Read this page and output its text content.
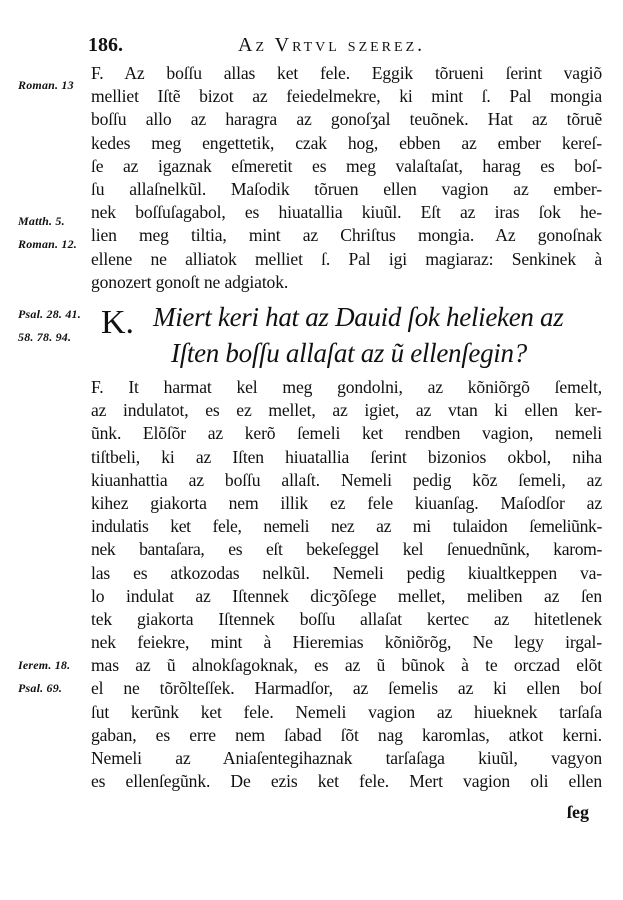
186.	Az Vrtvl szerez.
Roman. 13
Matth. 5.
Roman. 12.
Psal. 28. 41.
58. 78. 94.
Ierem. 18.
Psal. 69.
F. Az boſſu allas ket fele. Eggik tõrueni ſerint vagiõ
melliet Iſtẽ bizot az feiedelmekre, ki mint ſ. Pal mongia
boſſu allo az haragra az gonoſʒal teuõnek. Hat az tõruẽ
kedes meg engettetik, czak hog, ebben az ember kereſ-
ſe az igaznak eſmeretit es meg valaſtaſat, harag es boſ-
ſu allaſnelkũl. Maſodik tõruen ellen vagion az ember-
nek boſſuſagabol, es hiuatallia kiuũl. Eſt az iras ſok he-
lien meg tiltia, mint az Chriſtus mongia. Az gonoſnak
ellene ne alliatok melliet ſ. Pal igi magiaraz: Senkinek à
gonozert gonoſt ne adgiatok.
K. Miert keri hat az Dauid ſok helieken az
Iſten boſſu allaſat az ũ ellenſegin?
F. It harmat kel meg gondolni, az kõniõrgõ ſemelt,
az indulatot, es ez mellet, az igiet, az vtan ki ellen ker-
ũnk. Elõſõr az kerõ ſemeli ket rendben vagion, nemeli
tiſtbeli, ki az Iſten hiuatallia ſerint bizonios okbol, niha
kiuanhattia az boſſu allaſt. Nemeli pedig kõz ſemeli, az
kihez giakorta nem illik ez fele kiuanſag. Maſodſor az
indulatis ket fele, nemeli nez az mi tulaidon ſemeliũnk-
nek bantaſara, es eſt bekeſeggel kel ſenuednũnk, karom-
las es atkozodas nelkũl. Nemeli pedig kiualtkeppen va-
lo indulat az Iſtennek dicʒõſege mellet, meliben az ſen
tek giakorta Iſtennek boſſu allaſat kertec az hitetlenek
nek feiekre, mint à Hieremias kõniõrõg, Ne legy irgal-
mas az ũ alnokſagoknak, es az ũ bũnok à te orczad elõt
el ne tõrõlteſſek. Harmadſor, az ſemelis az ki ellen boſ
ſut kerũnk ket fele. Nemeli vagion az hiueknek tarſaſa
gaban, es erre nem ſabad ſõt nag karomlas, atkot kerni.
Nemeli az Aniaſentegihaznak tarſaſaga kiuũl, vagyon
es ellenſegũnk. De ezis ket fele. Mert vagion oli ellen
ſeg
